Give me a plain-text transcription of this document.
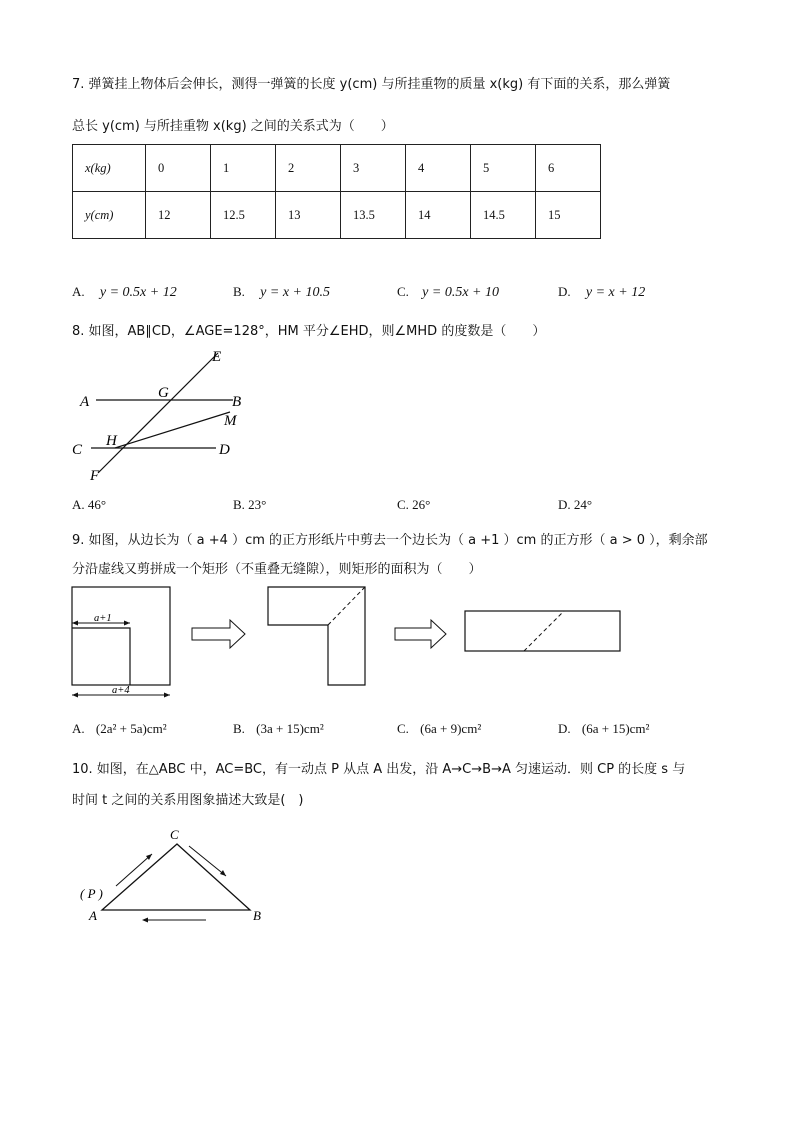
7. 弹簧挂上物体后会伸长，测得一弹簧的长度 y(cm) 与所挂重物的质量 x(kg) 有下面的关系，那么弹簧
总长 y(cm) 与所挂重物 x(kg) 之间的关系式为（　　）
x(kg)	0	1	2	3	4	5	6
y(cm)	12	12.5	13	13.5	14	14.5	15
A. y = 0.5x + 12	B. y = x + 10.5	C. y = 0.5x + 10	D. y = x + 12
8. 如图，AB∥CD，∠AGE=128°，HM 平分∠EHD，则∠MHD 的度数是（　　）
E
A
G
B
M
C
H
D
F
A. 46°	B. 23°	C. 26°	D. 24°
9. 如图，从边长为（ a +4 ）cm 的正方形纸片中剪去一个边长为（ a +1 ）cm 的正方形（ a > 0 ），剩余部
分沿虚线又剪拼成一个矩形（不重叠无缝隙），则矩形的面积为（　　）
a+1
a+4
A. (2a² + 5a)cm²	B. (3a + 15)cm²	C. (6a + 9)cm²	D. (6a + 15)cm²
10. 如图，在△ABC 中，AC=BC，有一动点 P 从点 A 出发，沿 A→C→B→A 匀速运动．则 CP 的长度 s 与
时间 t 之间的关系用图象描述大致是(　)
C
( P )
A	B
